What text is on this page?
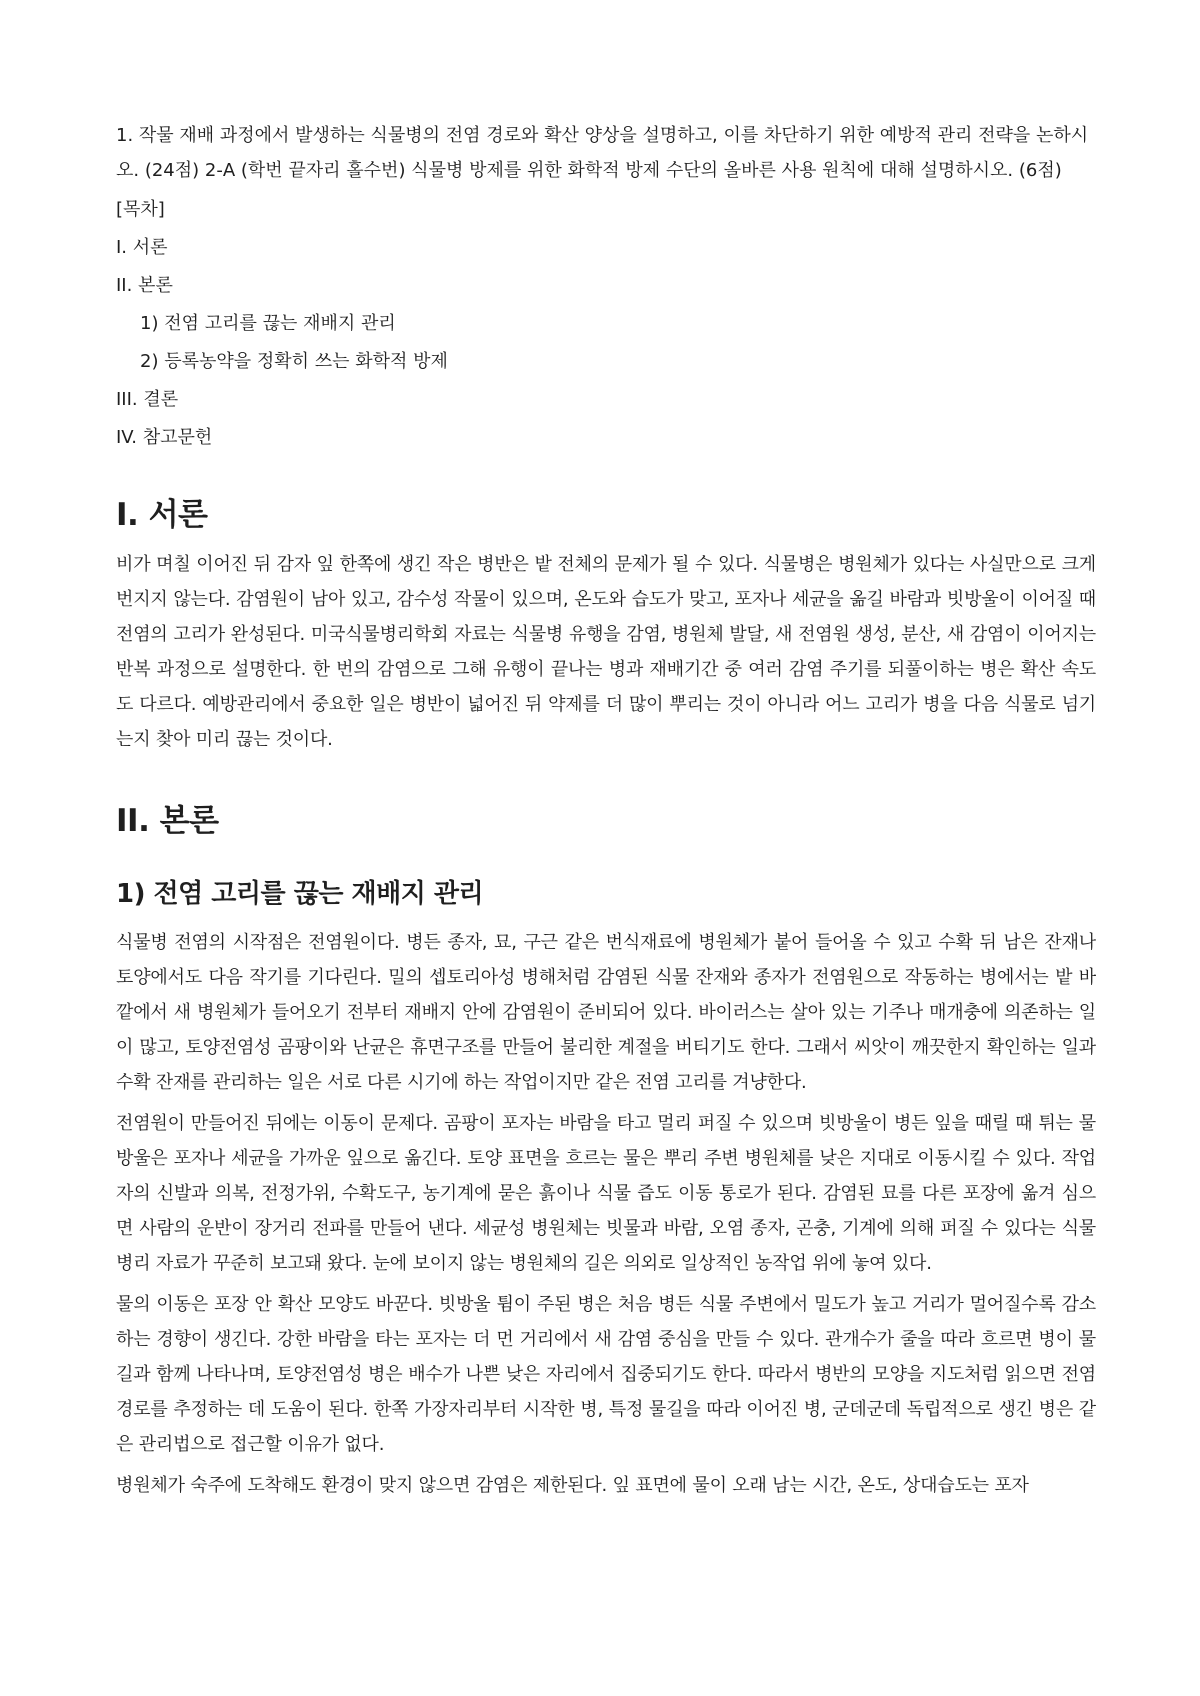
1. 작물 재배 과정에서 발생하는 식물병의 전염 경로와 확산 양상을 설명하고, 이를 차단하기 위한 예방적 관리 전략을 논하시오. (24점) 2-A (학번 끝자리 홀수번) 식물병 방제를 위한 화학적 방제 수단의 올바른 사용 원칙에 대해 설명하시오. (6점)

[목차]
I. 서론
II. 본론
1) 전염 고리를 끊는 재배지 관리
2) 등록농약을 정확히 쓰는 화학적 방제
III. 결론
IV. 참고문헌
I. 서론

비가 며칠 이어진 뒤 감자 잎 한쪽에 생긴 작은 병반은 밭 전체의 문제가 될 수 있다. 식물병은 병원체가 있다는 사실만으로 크게 번지지 않는다. 감염원이 남아 있고, 감수성 작물이 있으며, 온도와 습도가 맞고, 포자나 세균을 옮길 바람과 빗방울이 이어질 때 전염의 고리가 완성된다. 미국식물병리학회 자료는 식물병 유행을 감염, 병원체 발달, 새 전염원 생성, 분산, 새 감염이 이어지는 반복 과정으로 설명한다. 한 번의 감염으로 그해 유행이 끝나는 병과 재배기간 중 여러 감염 주기를 되풀이하는 병은 확산 속도도 다르다. 예방관리에서 중요한 일은 병반이 넓어진 뒤 약제를 더 많이 뿌리는 것이 아니라 어느 고리가 병을 다음 식물로 넘기는지 찾아 미리 끊는 것이다.

II. 본론
1) 전염 고리를 끊는 재배지 관리

식물병 전염의 시작점은 전염원이다. 병든 종자, 묘, 구근 같은 번식재료에 병원체가 붙어 들어올 수 있고 수확 뒤 남은 잔재나 토양에서도 다음 작기를 기다린다. 밀의 셉토리아성 병해처럼 감염된 식물 잔재와 종자가 전염원으로 작동하는 병에서는 밭 바깥에서 새 병원체가 들어오기 전부터 재배지 안에 감염원이 준비되어 있다. 바이러스는 살아 있는 기주나 매개충에 의존하는 일이 많고, 토양전염성 곰팡이와 난균은 휴면구조를 만들어 불리한 계절을 버티기도 한다. 그래서 씨앗이 깨끗한지 확인하는 일과 수확 잔재를 관리하는 일은 서로 다른 시기에 하는 작업이지만 같은 전염 고리를 겨냥한다.

전염원이 만들어진 뒤에는 이동이 문제다. 곰팡이 포자는 바람을 타고 멀리 퍼질 수 있으며 빗방울이 병든 잎을 때릴 때 튀는 물방울은 포자나 세균을 가까운 잎으로 옮긴다. 토양 표면을 흐르는 물은 뿌리 주변 병원체를 낮은 지대로 이동시킬 수 있다. 작업자의 신발과 의복, 전정가위, 수확도구, 농기계에 묻은 흙이나 식물 즙도 이동 통로가 된다. 감염된 묘를 다른 포장에 옮겨 심으면 사람의 운반이 장거리 전파를 만들어 낸다. 세균성 병원체는 빗물과 바람, 오염 종자, 곤충, 기계에 의해 퍼질 수 있다는 식물병리 자료가 꾸준히 보고돼 왔다. 눈에 보이지 않는 병원체의 길은 의외로 일상적인 농작업 위에 놓여 있다.

물의 이동은 포장 안 확산 모양도 바꾼다. 빗방울 튐이 주된 병은 처음 병든 식물 주변에서 밀도가 높고 거리가 멀어질수록 감소하는 경향이 생긴다. 강한 바람을 타는 포자는 더 먼 거리에서 새 감염 중심을 만들 수 있다. 관개수가 줄을 따라 흐르면 병이 물길과 함께 나타나며, 토양전염성 병은 배수가 나쁜 낮은 자리에서 집중되기도 한다. 따라서 병반의 모양을 지도처럼 읽으면 전염 경로를 추정하는 데 도움이 된다. 한쪽 가장자리부터 시작한 병, 특정 물길을 따라 이어진 병, 군데군데 독립적으로 생긴 병은 같은 관리법으로 접근할 이유가 없다.

병원체가 숙주에 도착해도 환경이 맞지 않으면 감염은 제한된다. 잎 표면에 물이 오래 남는 시간, 온도, 상대습도는 포자
